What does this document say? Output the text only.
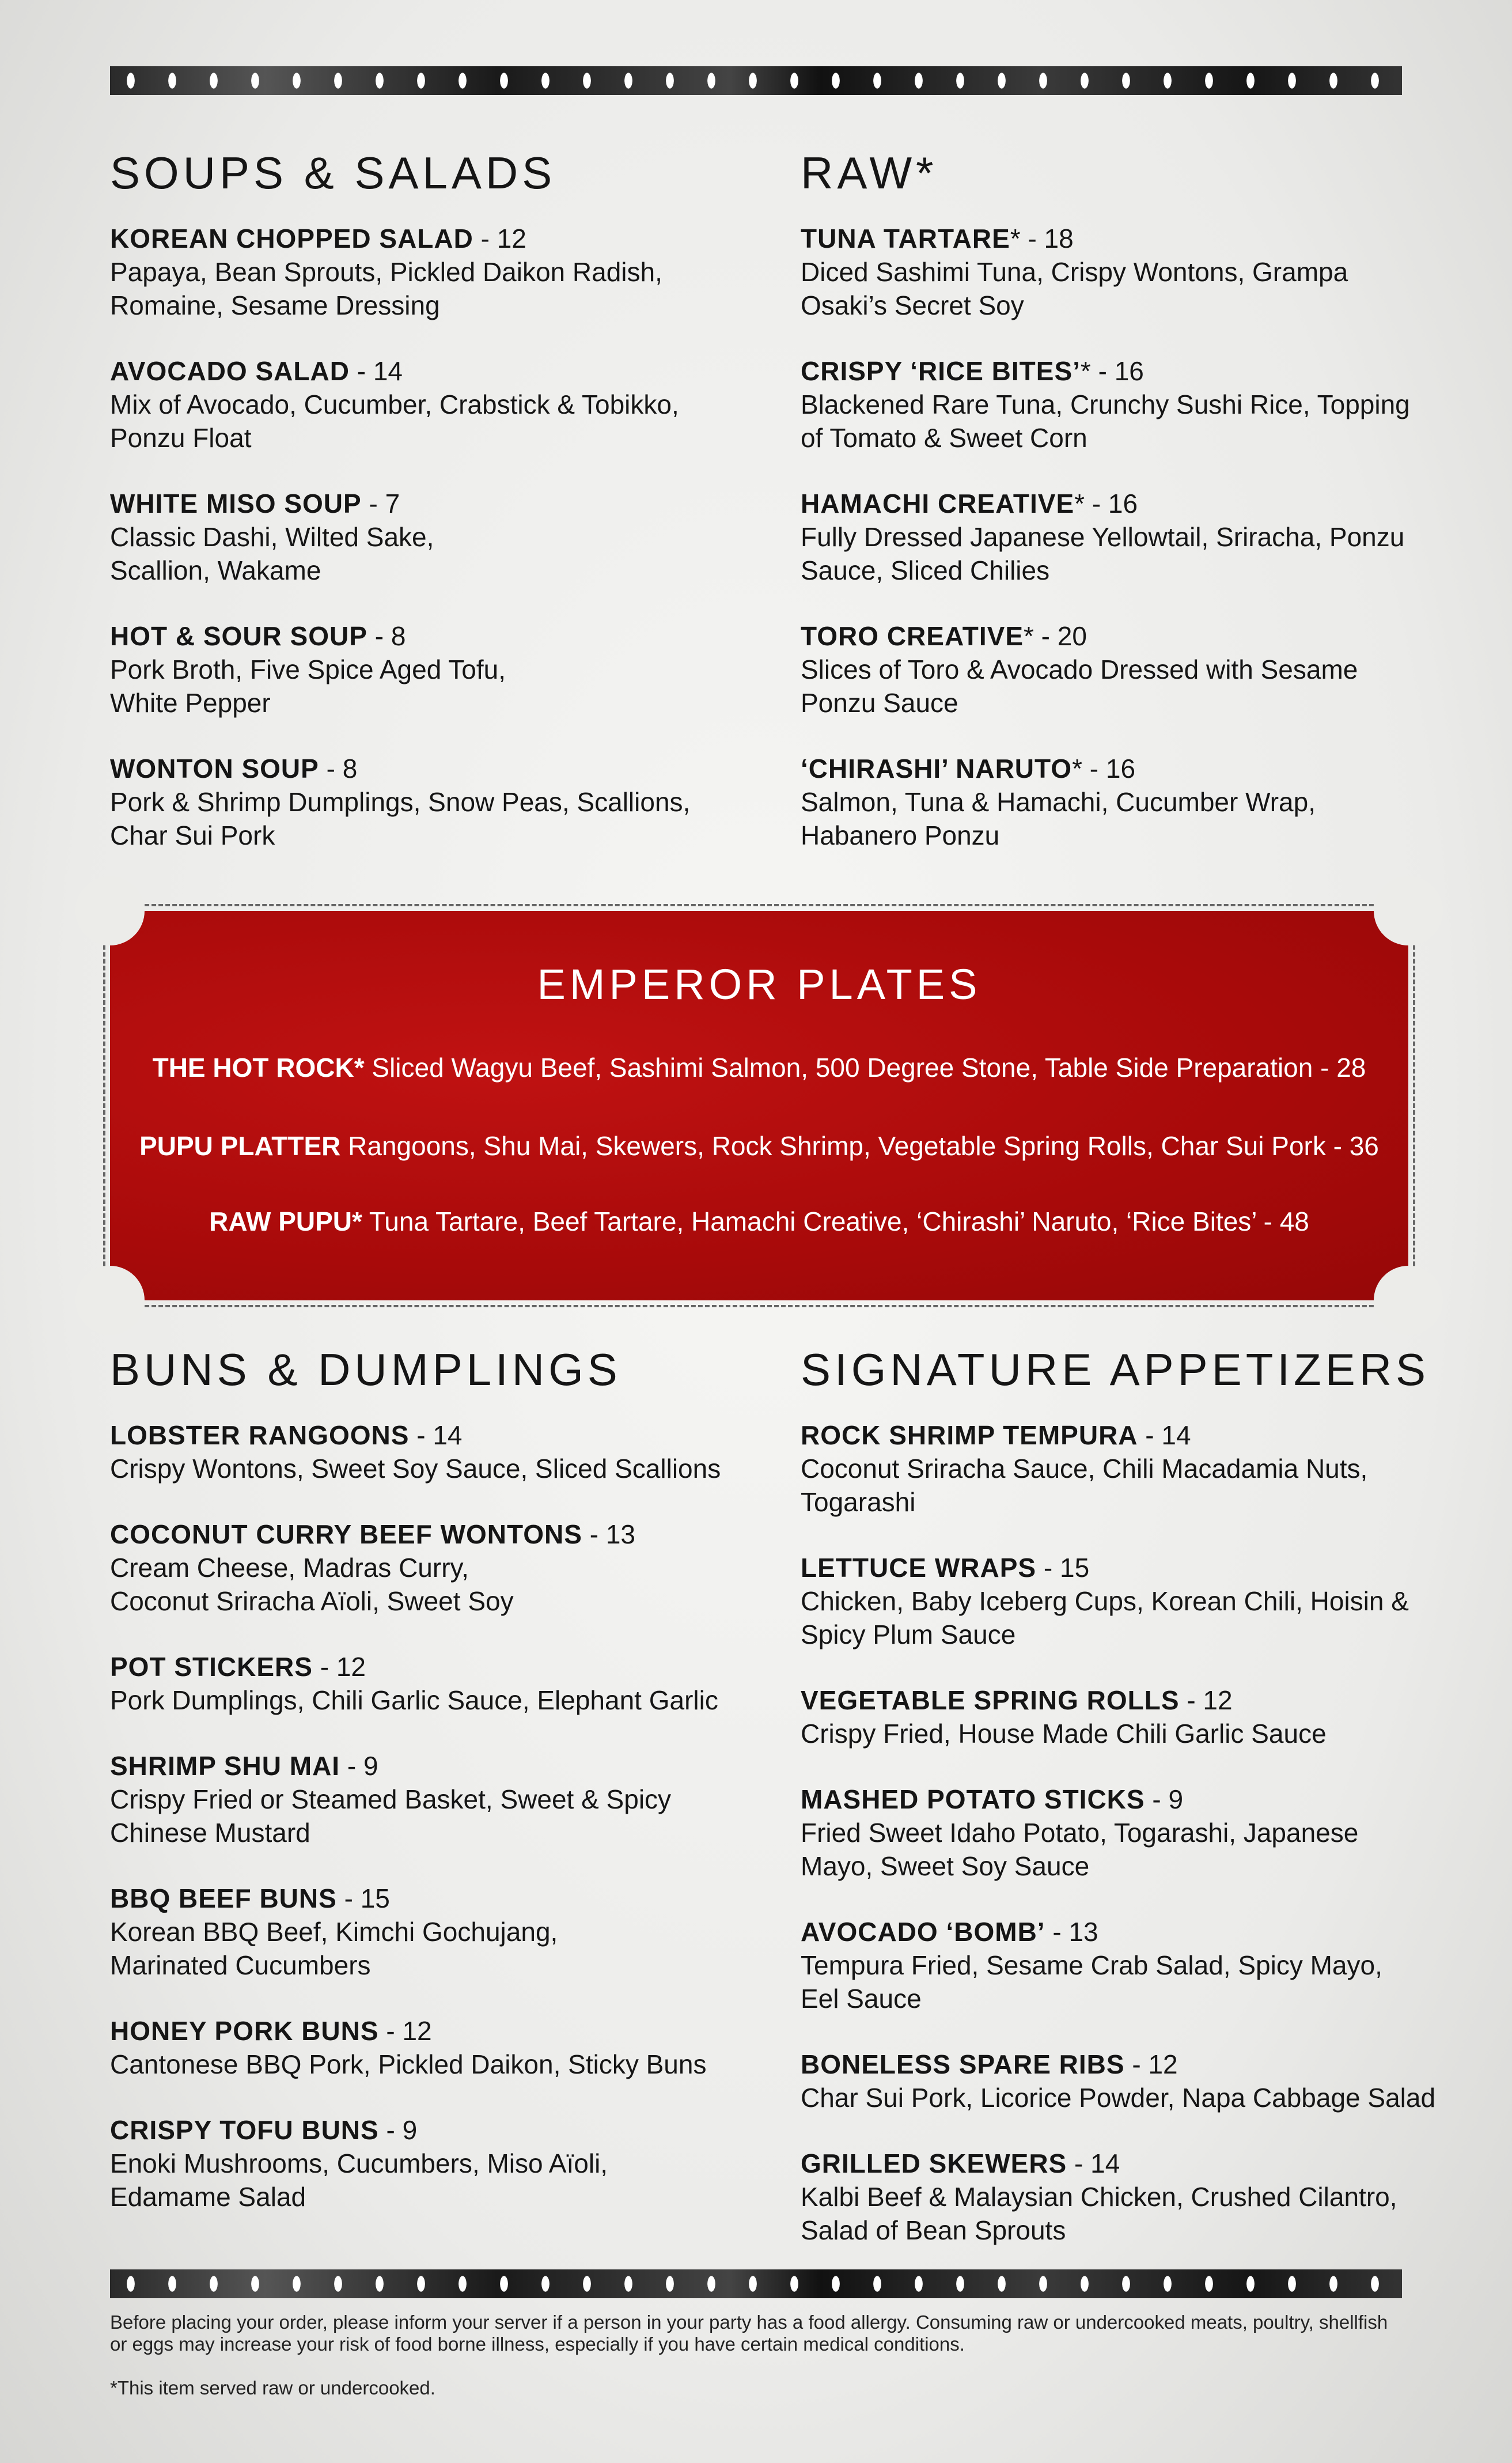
SOUPS & SALADS
KOREAN CHOPPED SALAD - 12
Papaya, Bean Sprouts, Pickled Daikon Radish,
Romaine, Sesame Dressing
AVOCADO SALAD - 14
Mix of Avocado, Cucumber, Crabstick & Tobikko,
Ponzu Float
WHITE MISO SOUP - 7
Classic Dashi, Wilted Sake,
Scallion, Wakame
HOT & SOUR SOUP - 8
Pork Broth, Five Spice Aged Tofu,
White Pepper
WONTON SOUP - 8
Pork & Shrimp Dumplings, Snow Peas, Scallions,
Char Sui Pork
RAW*
TUNA TARTARE* - 18
Diced Sashimi Tuna, Crispy Wontons, Grampa
Osaki’s Secret Soy
CRISPY ‘RICE BITES’* - 16
Blackened Rare Tuna, Crunchy Sushi Rice, Topping
of Tomato & Sweet Corn
HAMACHI CREATIVE* - 16
Fully Dressed Japanese Yellowtail, Sriracha, Ponzu
Sauce, Sliced Chilies
TORO CREATIVE* - 20
Slices of Toro & Avocado Dressed with Sesame
Ponzu Sauce
‘CHIRASHI’ NARUTO* - 16
Salmon, Tuna & Hamachi, Cucumber Wrap,
Habanero Ponzu
EMPEROR PLATES
THE HOT ROCK* Sliced Wagyu Beef, Sashimi Salmon, 500 Degree Stone, Table Side Preparation - 28
PUPU PLATTER Rangoons, Shu Mai, Skewers, Rock Shrimp, Vegetable Spring Rolls, Char Sui Pork - 36
RAW PUPU* Tuna Tartare, Beef Tartare, Hamachi Creative, ‘Chirashi’ Naruto, ‘Rice Bites’ - 48
BUNS & DUMPLINGS
LOBSTER RANGOONS - 14
Crispy Wontons, Sweet Soy Sauce, Sliced Scallions
COCONUT CURRY BEEF WONTONS - 13
Cream Cheese, Madras Curry,
Coconut Sriracha Aïoli, Sweet Soy
POT STICKERS - 12
Pork Dumplings, Chili Garlic Sauce, Elephant Garlic
SHRIMP SHU MAI - 9
Crispy Fried or Steamed Basket, Sweet & Spicy
Chinese Mustard
BBQ BEEF BUNS - 15
Korean BBQ Beef, Kimchi Gochujang,
Marinated Cucumbers
HONEY PORK BUNS - 12
Cantonese BBQ Pork, Pickled Daikon, Sticky Buns
CRISPY TOFU BUNS - 9
Enoki Mushrooms, Cucumbers, Miso Aïoli,
Edamame Salad
SIGNATURE APPETIZERS
ROCK SHRIMP TEMPURA - 14
Coconut Sriracha Sauce, Chili Macadamia Nuts, Togarashi
LETTUCE WRAPS - 15
Chicken, Baby Iceberg Cups, Korean Chili, Hoisin &
Spicy Plum Sauce
VEGETABLE SPRING ROLLS - 12
Crispy Fried, House Made Chili Garlic Sauce
MASHED POTATO STICKS - 9
Fried Sweet Idaho Potato, Togarashi, Japanese
Mayo, Sweet Soy Sauce
AVOCADO ‘BOMB’ - 13
Tempura Fried, Sesame Crab Salad, Spicy Mayo,
Eel Sauce
BONELESS SPARE RIBS - 12
Char Sui Pork, Licorice Powder, Napa Cabbage Salad
GRILLED SKEWERS - 14
Kalbi Beef & Malaysian Chicken, Crushed Cilantro,
Salad of Bean Sprouts
Before placing your order, please inform your server if a person in your party has a food allergy. Consuming raw or undercooked meats, poultry, shellfish or eggs may increase your risk of food borne illness, especially if you have certain medical conditions.
*This item served raw or undercooked.
